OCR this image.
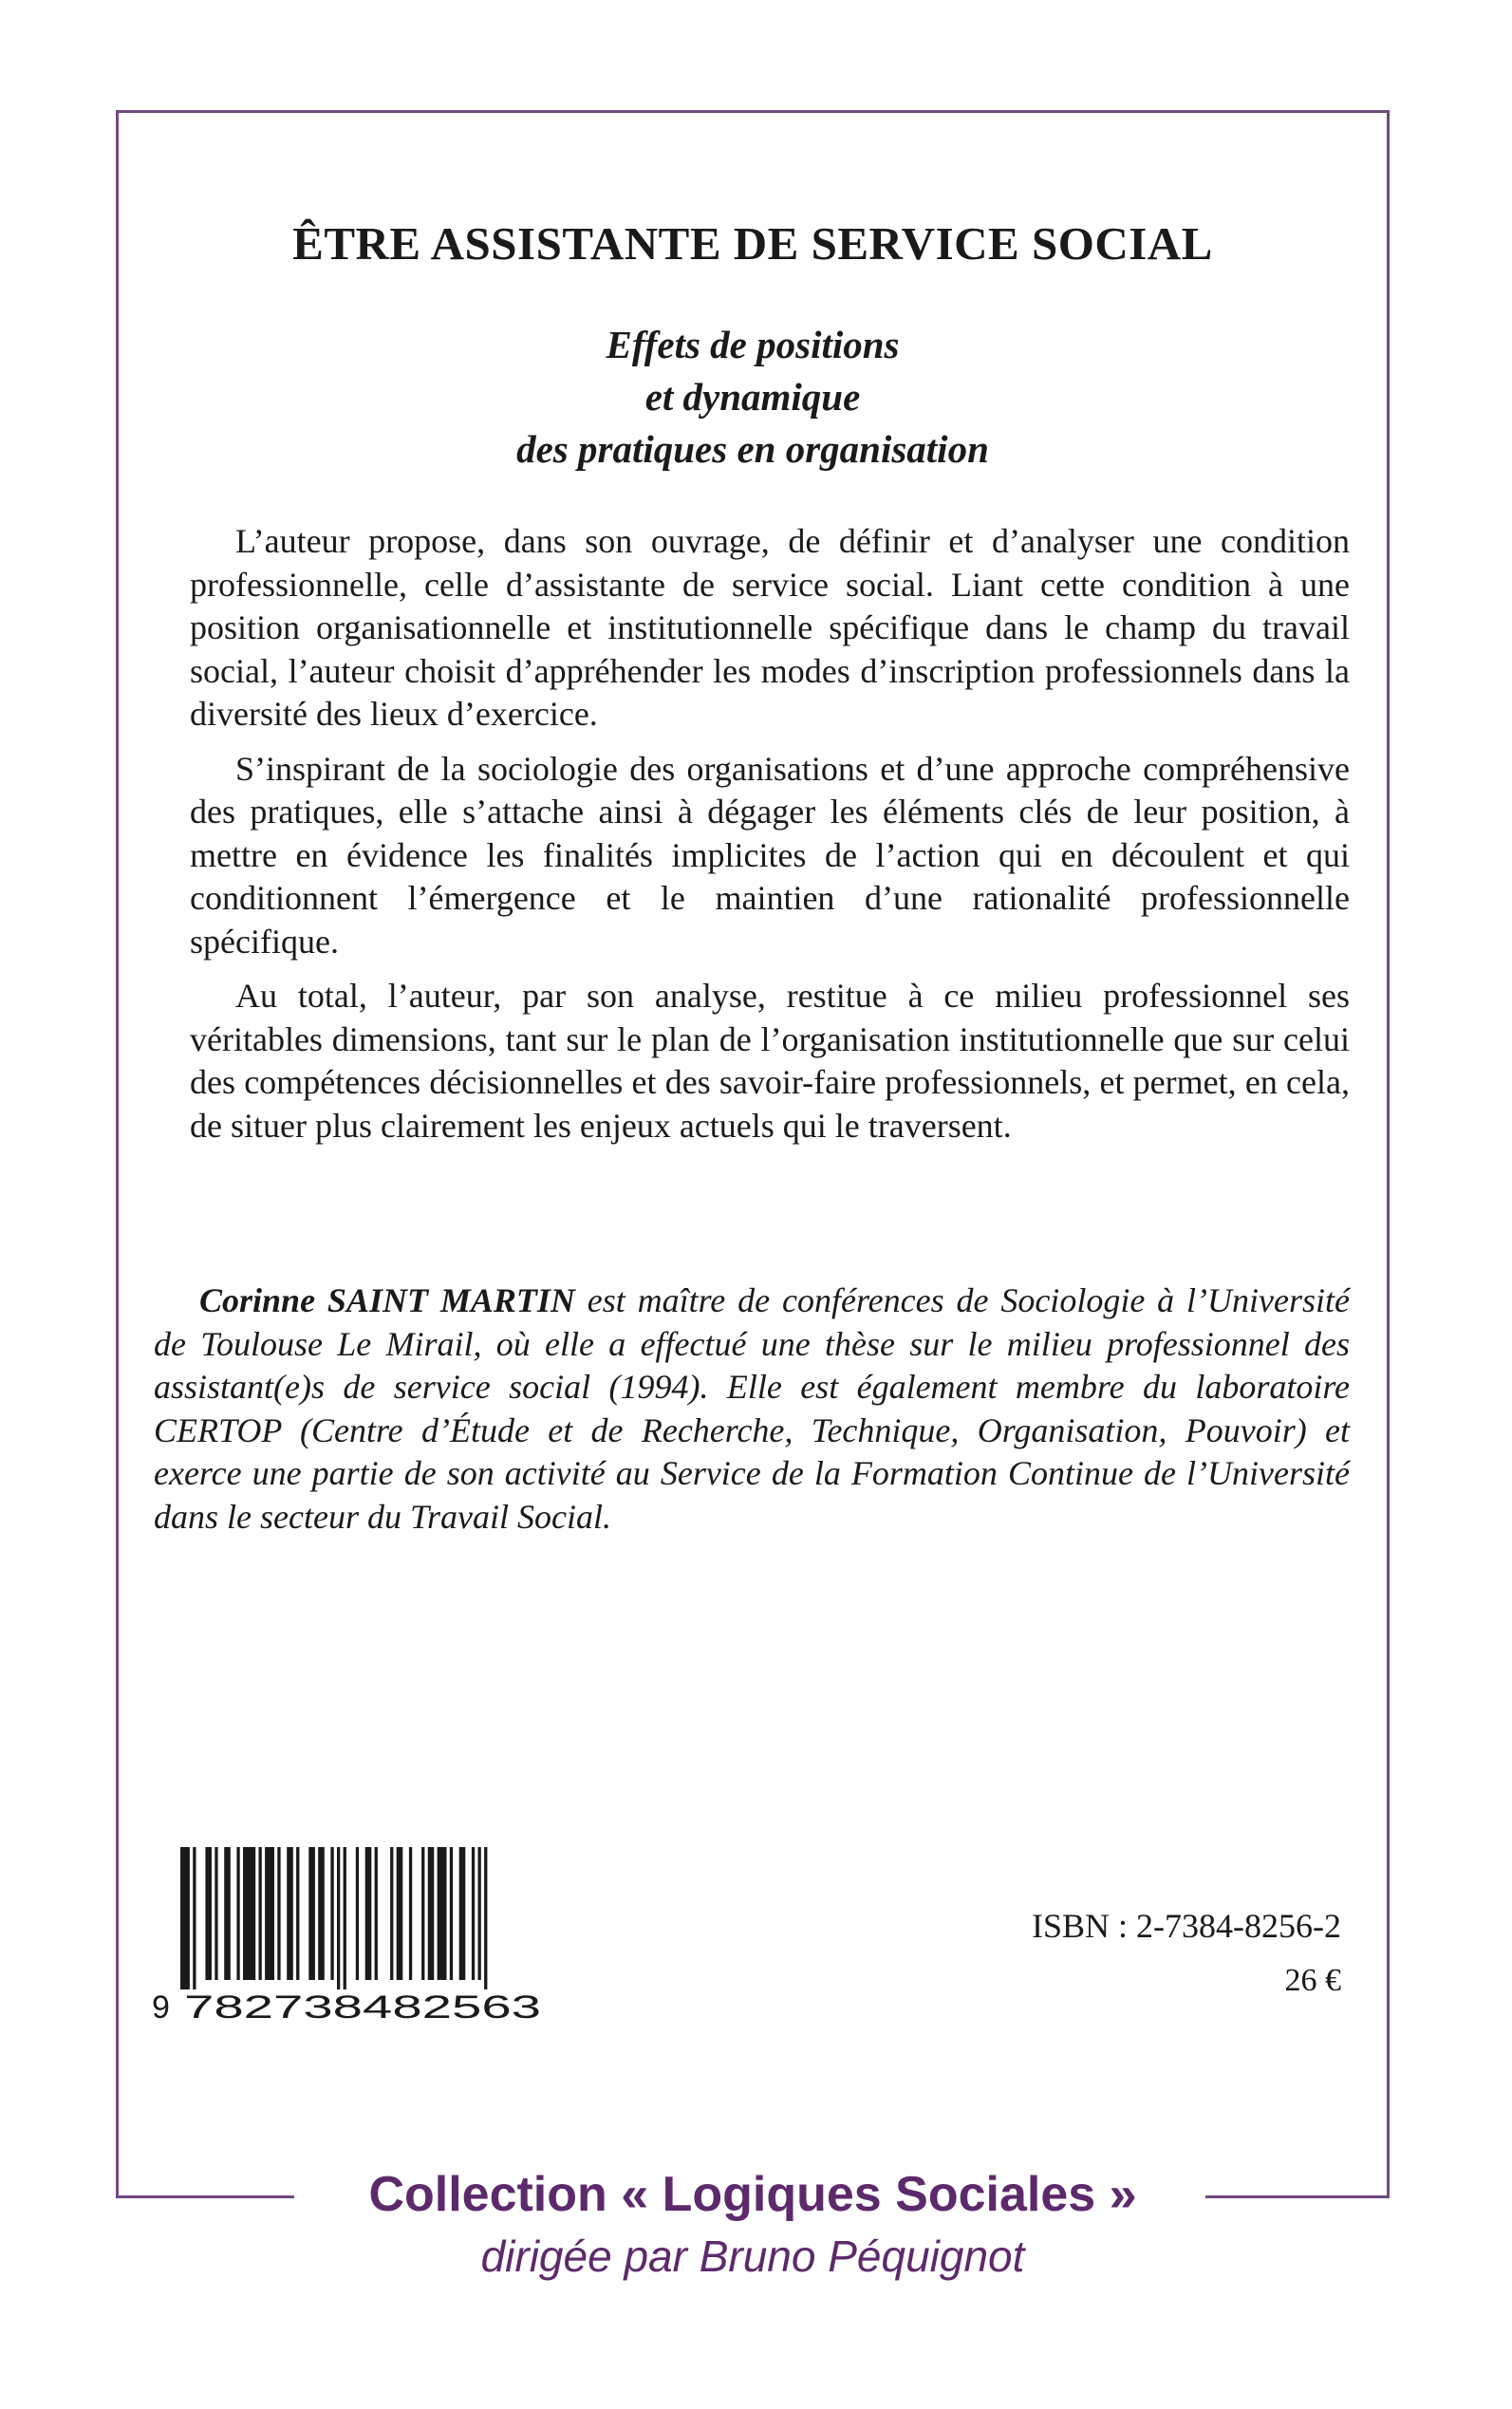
ÊTRE ASSISTANTE DE SERVICE SOCIAL
Effets de positions
et dynamique
des pratiques en organisation

L’auteur propose, dans son ouvrage, de définir et d’analyser une condition professionnelle, celle d’assistante de service social. Liant cette condition à une position organisationnelle et institutionnelle spécifique dans le champ du travail social, l’auteur choisit d’appréhender les modes d’inscription professionnels dans la diversité des lieux d’exercice.

S’inspirant de la sociologie des organisations et d’une approche compréhensive des pratiques, elle s’attache ainsi à dégager les éléments clés de leur position, à mettre en évidence les finalités implicites de l’action qui en découlent et qui conditionnent l’émergence et le maintien d’une rationalité professionnelle spécifique.

Au total, l’auteur, par son analyse, restitue à ce milieu professionnel ses véritables dimensions, tant sur le plan de l’organisation institutionnelle que sur celui des compétences décisionnelles et des savoir-faire professionnels, et permet, en cela, de situer plus clairement les enjeux actuels qui le traversent.

Corinne SAINT MARTIN est maître de conférences de Sociologie à l’Université de Toulouse Le Mirail, où elle a effectué une thèse sur le milieu professionnel des assistant(e)s de service social (1994). Elle est également membre du laboratoire CERTOP (Centre d’Étude et de Recherche, Technique, Organisation, Pouvoir) et exerce une partie de son activité au Service de la Formation Continue de l’Université dans le secteur du Travail Social.
9 782738482563
ISBN : 2-7384-8256-2
26 €
Collection « Logiques Sociales »
dirigée par Bruno Péquignot
